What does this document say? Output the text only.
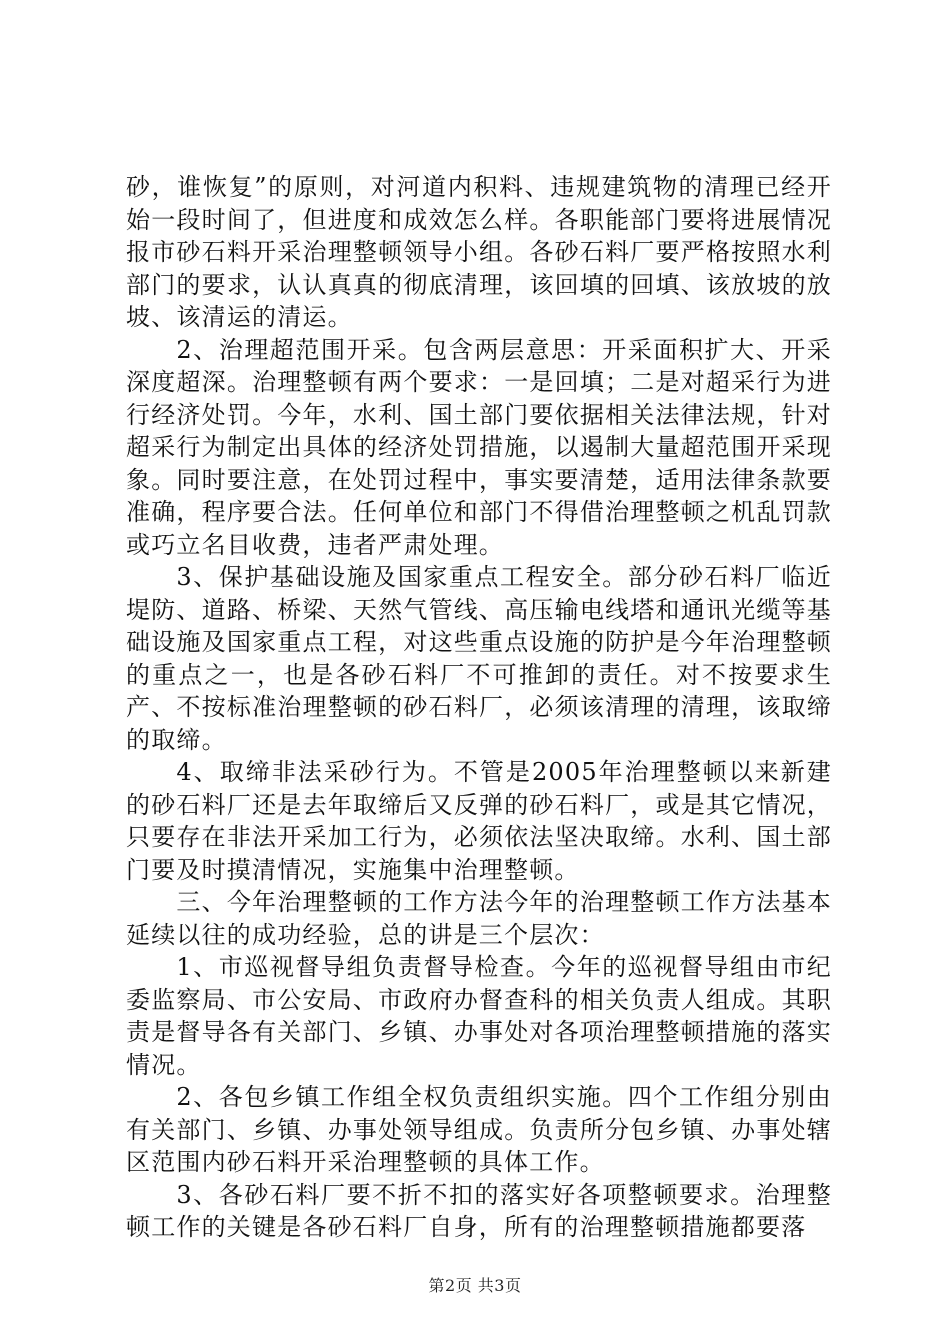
砂，谁恢复”的原则，对河道内积料、违规建筑物的清理已经开始一段时间了，但进度和成效怎么样。各职能部门要将进展情况报市砂石料开采治理整顿领导小组。各砂石料厂要严格按照水利部门的要求，认认真真的彻底清理，该回填的回填、该放坡的放坡、该清运的清运。

2、治理超范围开采。包含两层意思：开采面积扩大、开采深度超深。治理整顿有两个要求：一是回填；二是对超采行为进行经济处罚。今年，水利、国土部门要依据相关法律法规，针对超采行为制定出具体的经济处罚措施，以遏制大量超范围开采现象。同时要注意，在处罚过程中，事实要清楚，适用法律条款要准确，程序要合法。任何单位和部门不得借治理整顿之机乱罚款或巧立名目收费，违者严肃处理。

3、保护基础设施及国家重点工程安全。部分砂石料厂临近堤防、道路、桥梁、天然气管线、高压输电线塔和通讯光缆等基础设施及国家重点工程，对这些重点设施的防护是今年治理整顿的重点之一，也是各砂石料厂不可推卸的责任。对不按要求生产、不按标准治理整顿的砂石料厂，必须该清理的清理，该取缔的取缔。

4、取缔非法采砂行为。不管是2005年治理整顿以来新建的砂石料厂还是去年取缔后又反弹的砂石料厂，或是其它情况，只要存在非法开采加工行为，必须依法坚决取缔。水利、国土部门要及时摸清情况，实施集中治理整顿。

三、今年治理整顿的工作方法今年的治理整顿工作方法基本延续以往的成功经验，总的讲是三个层次：

1、市巡视督导组负责督导检查。今年的巡视督导组由市纪委监察局、市公安局、市政府办督查科的相关负责人组成。其职责是督导各有关部门、乡镇、办事处对各项治理整顿措施的落实情况。

2、各包乡镇工作组全权负责组织实施。四个工作组分别由有关部门、乡镇、办事处领导组成。负责所分包乡镇、办事处辖区范围内砂石料开采治理整顿的具体工作。

3、各砂石料厂要不折不扣的落实好各项整顿要求。治理整顿工作的关键是各砂石料厂自身，所有的治理整顿措施都要落

第2页 共3页
